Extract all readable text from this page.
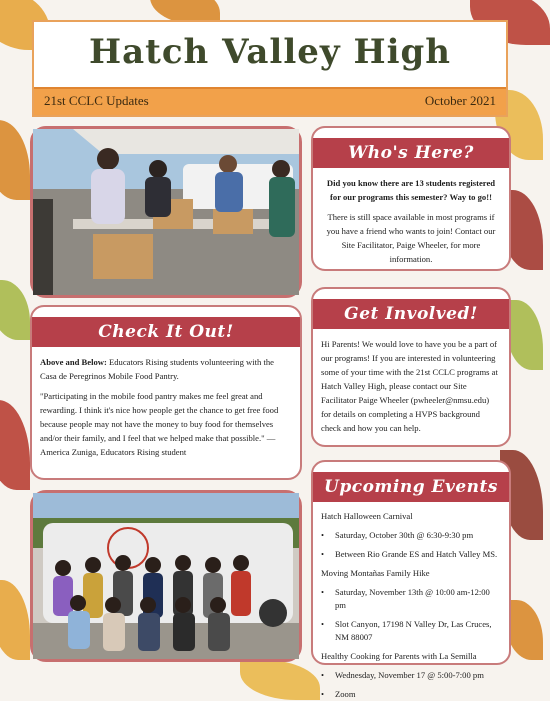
Hatch Valley High
21st CCLC Updates	October 2021
Who's Here?

Did you know there are 13 students registered for our programs this semester? Way to go!!

There is still space available in most programs if you have a friend who wants to join! Contact our Site Facilitator, Paige Wheeler, for more information.

Get Involved!

Hi Parents! We would love to have you be a part of our programs! If you are interested in volunteering some of your time with the 21st CCLC programs at Hatch Valley High, please contact our Site Facilitator Paige Wheeler (pwheeler@nmsu.edu) for details on completing a HVPS background check and how you can help.

Check It Out!

Above and Below: Educators Rising students volunteering with the Casa de Peregrinos Mobile Food Pantry.

"Participating in the mobile food pantry makes me feel great and rewarding. I think it's nice how people get the chance to get free food because people may not have the money to buy food for themselves and/or their family, and I feel that we helped make that possible." — America Zuniga, Educators Rising student

Upcoming Events

Hatch Halloween Carnival

• Saturday, October 30th @ 6:30-9:30 pm

• Between Rio Grande ES and Hatch Valley MS.

Moving Montañas Family Hike

• Saturday, November 13th @ 10:00 am-12:00 pm

• Slot Canyon, 17198 N Valley Dr, Las Cruces, NM 88007

Healthy Cooking for Parents with La Semilla

• Wednesday, November 17 @ 5:00-7:00 pm

• Zoom
